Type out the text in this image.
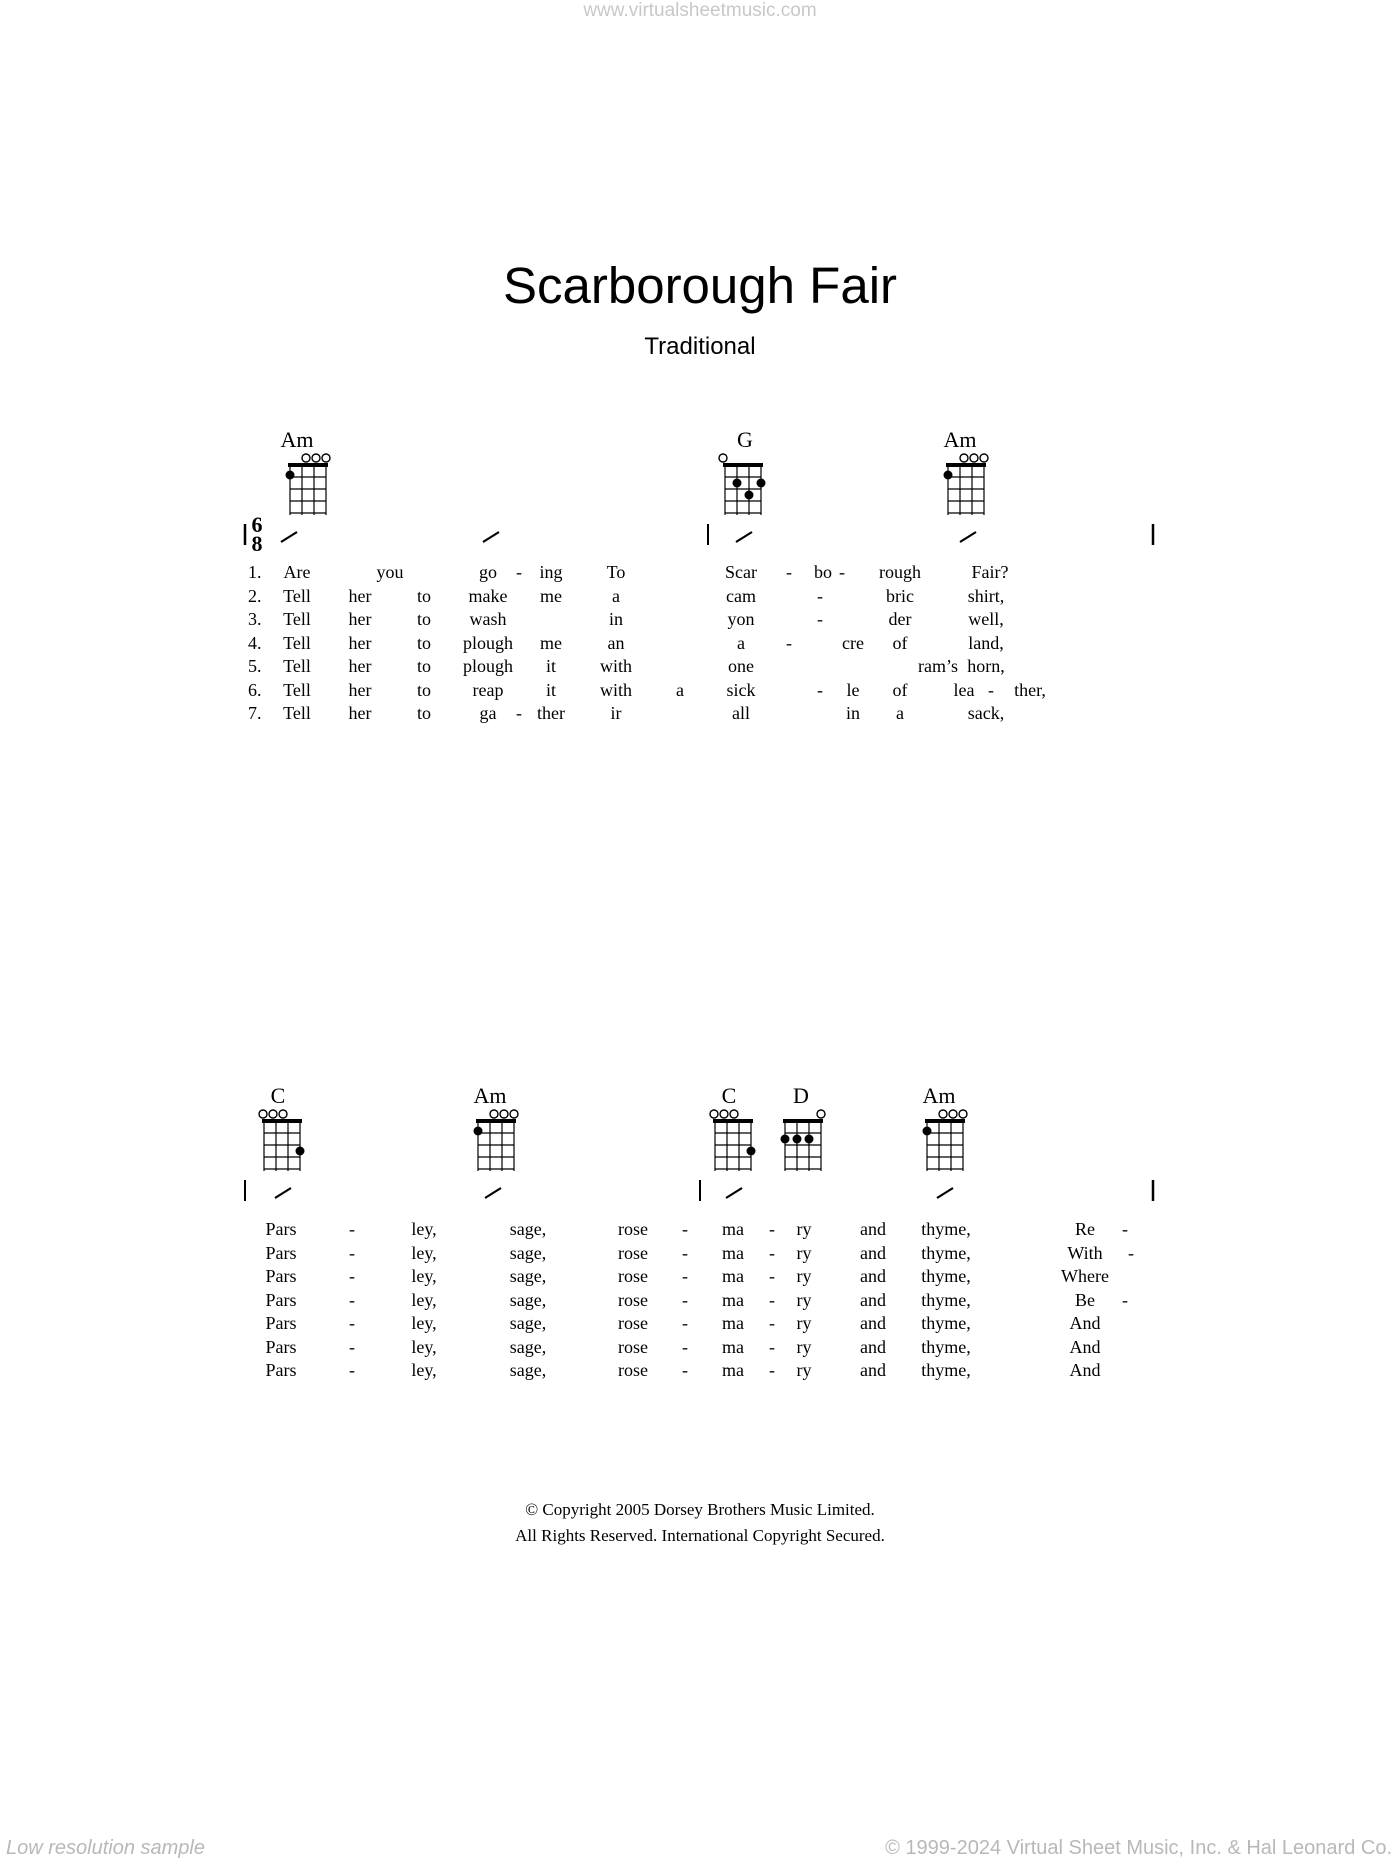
www.virtualsheetmusic.com
Scarborough Fair
Traditional
Am	G	Am
6
8
1. Are	you	go - ing To	Scar - bo - rough	Fair?
2. Tell her	to make me	a	cam	-	bric	shirt,
3. Tell her	to wash	in	yon	-	der	well,
4. Tell her	to plough me	an	a -	cre of	land,
5. Tell her	to plough it with	one	ram’s horn,
6. Tell her	to reap it with a sick	- le of	lea - ther,
7. Tell her	to	ga - ther	ir	all	in a	sack,
C	Am	C	D	Am
Pars	-	ley,	sage,	rose - ma - ry	and thyme,	Re -
Pars	-	ley,	sage,	rose - ma - ry	and thyme,	With -
Pars	-	ley,	sage,	rose - ma - ry	and thyme,	Where
Pars	-	ley,	sage,	rose - ma - ry	and thyme,	Be -
Pars	-	ley,	sage,	rose - ma - ry	and thyme,	And
Pars	-	ley,	sage,	rose - ma - ry	and thyme,	And
Pars	-	ley,	sage,	rose - ma - ry	and thyme,	And
© Copyright 2005 Dorsey Brothers Music Limited.
All Rights Reserved. International Copyright Secured.
Low resolution sample	© 1999-2024 Virtual Sheet Music, Inc. & Hal Leonard Co.
